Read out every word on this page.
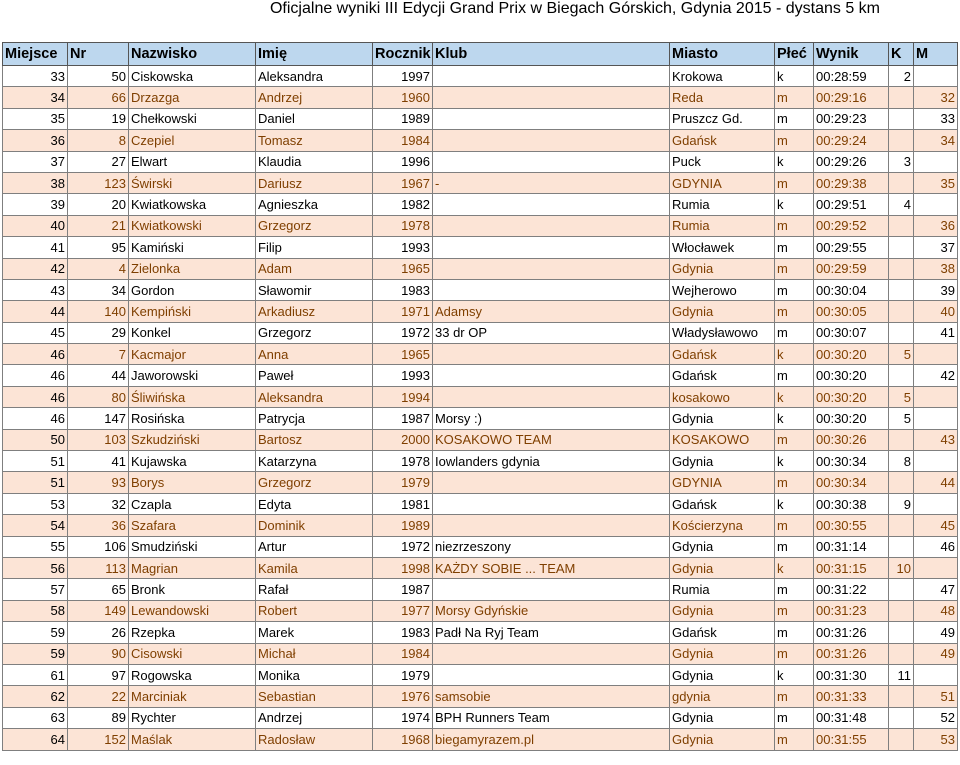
Oficjalne wyniki III Edycji Grand Prix w Biegach Górskich, Gdynia 2015 - dystans 5 km
Miejsce	Nr	Nazwisko	Imię	Rocznik	Klub	Miasto	Płeć	Wynik	K	M
33	50	Ciskowska	Aleksandra	1997		Krokowa	k	00:28:59	2	
34	66	Drzazga	Andrzej	1960		Reda	m	00:29:16		32
35	19	Chełkowski	Daniel	1989		Pruszcz Gd.	m	00:29:23		33
36	8	Czepiel	Tomasz	1984		Gdańsk	m	00:29:24		34
37	27	Elwart	Klaudia	1996		Puck	k	00:29:26	3	
38	123	Świrski	Dariusz	1967	-	GDYNIA	m	00:29:38		35
39	20	Kwiatkowska	Agnieszka	1982		Rumia	k	00:29:51	4	
40	21	Kwiatkowski	Grzegorz	1978		Rumia	m	00:29:52		36
41	95	Kamiński	Filip	1993		Włocławek	m	00:29:55		37
42	4	Zielonka	Adam	1965		Gdynia	m	00:29:59		38
43	34	Gordon	Sławomir	1983		Wejherowo	m	00:30:04		39
44	140	Kempiński	Arkadiusz	1971	Adamsy	Gdynia	m	00:30:05		40
45	29	Konkel	Grzegorz	1972	33 dr OP	Władysławowo	m	00:30:07		41
46	7	Kacmajor	Anna	1965		Gdańsk	k	00:30:20	5	
46	44	Jaworowski	Paweł	1993		Gdańsk	m	00:30:20		42
46	80	Śliwińska	Aleksandra	1994		kosakowo	k	00:30:20	5	
46	147	Rosińska	Patrycja	1987	Morsy :)	Gdynia	k	00:30:20	5	
50	103	Szkudziński	Bartosz	2000	KOSAKOWO TEAM	KOSAKOWO	m	00:30:26		43
51	41	Kujawska	Katarzyna	1978	Iowlanders gdynia	Gdynia	k	00:30:34	8	
51	93	Borys	Grzegorz	1979		GDYNIA	m	00:30:34		44
53	32	Czapla	Edyta	1981		Gdańsk	k	00:30:38	9	
54	36	Szafara	Dominik	1989		Kościerzyna	m	00:30:55		45
55	106	Smudziński	Artur	1972	niezrzeszony	Gdynia	m	00:31:14		46
56	113	Magrian	Kamila	1998	KAŻDY SOBIE ... TEAM	Gdynia	k	00:31:15	10	
57	65	Bronk	Rafał	1987		Rumia	m	00:31:22		47
58	149	Lewandowski	Robert	1977	Morsy Gdyńskie	Gdynia	m	00:31:23		48
59	26	Rzepka	Marek	1983	Padł Na Ryj Team	Gdańsk	m	00:31:26		49
59	90	Cisowski	Michał	1984		Gdynia	m	00:31:26		49
61	97	Rogowska	Monika	1979		Gdynia	k	00:31:30	11	
62	22	Marciniak	Sebastian	1976	samsobie	gdynia	m	00:31:33		51
63	89	Rychter	Andrzej	1974	BPH Runners Team	Gdynia	m	00:31:48		52
64	152	Maślak	Radosław	1968	biegamyrazem.pl	Gdynia	m	00:31:55		53
